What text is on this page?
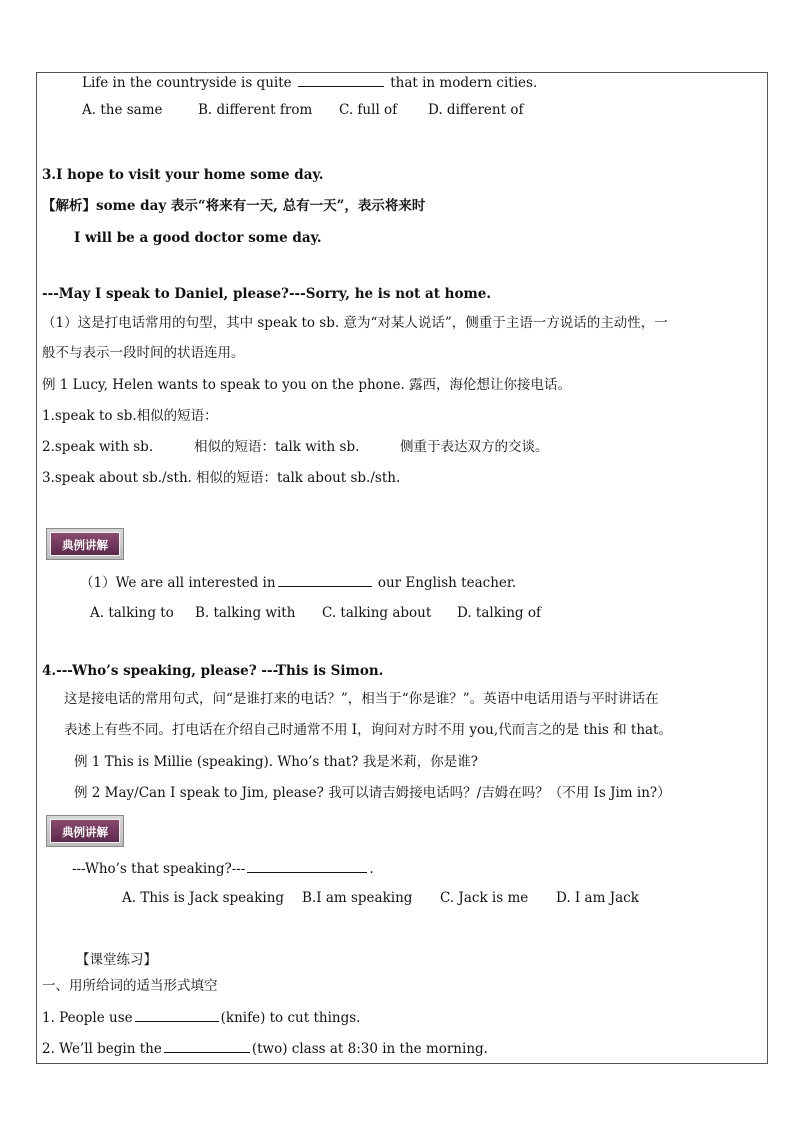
Life in the countryside is quite	that in modern cities.
A. the same	B. different from C. full of D. different of
3.I hope to visit your home some day.
【解析】some day 表示“将来有一天, 总有一天”，表示将来时
I will be a good doctor some day.
---May I speak to Daniel, please?---Sorry, he is not at home.
（1）这是打电话常用的句型，其中 speak to sb. 意为“对某人说话”，侧重于主语一方说话的主动性，一
般不与表示一段时间的状语连用。
例 1 Lucy, Helen wants to speak to you on the phone. 露西，海伦想让你接电话。
1.speak to sb.相似的短语：
2.speak with sb.	相似的短语：talk with sb.	侧重于表达双方的交谈。
3.speak about sb./sth. 相似的短语：talk about sb./sth.
典例讲解
（1）We are all interested in	our English teacher.
A. talking to B. talking with C. talking about D. talking of
4.---Who’s speaking, please? ---This is Simon.
这是接电话的常用句式，问“是谁打来的电话？”，相当于“你是谁？”。英语中电话用语与平时讲话在
表述上有些不同。打电话在介绍自己时通常不用 I，询问对方时不用 you,代而言之的是 this 和 that。
例 1 This is Millie (speaking). Who’s that? 我是米莉，你是谁?
例 2 May/Can I speak to Jim, please? 我可以请吉姆接电话吗？/吉姆在吗？（不用 Is Jim in?）
典例讲解
---Who’s that speaking?---	.
A. This is Jack speaking B.I am speaking C. Jack is me D. I am Jack
【课堂练习】
一、用所给词的适当形式填空
1. People use	(knife) to cut things.
2. We’ll begin the	(two) class at 8:30 in the morning.
